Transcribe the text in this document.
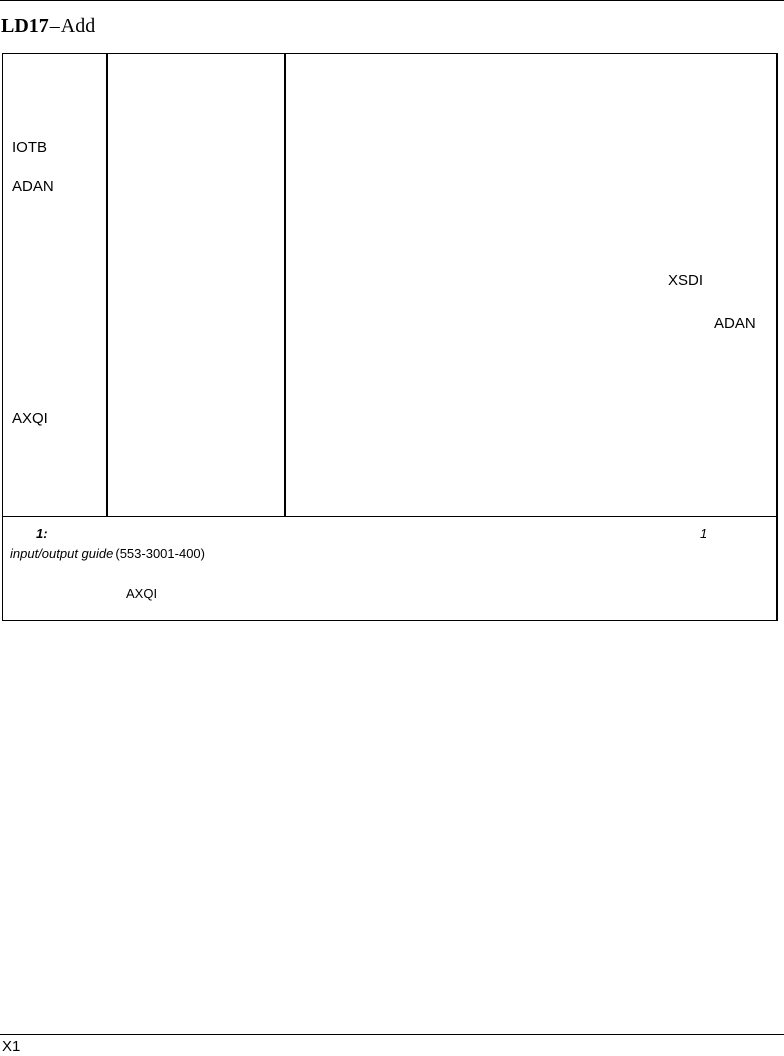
LD17–Add
IOTB
ADAN
AXQI
XSDI
ADAN
1:	1
input/output guide (553-3001-400)
AXQI
X1
